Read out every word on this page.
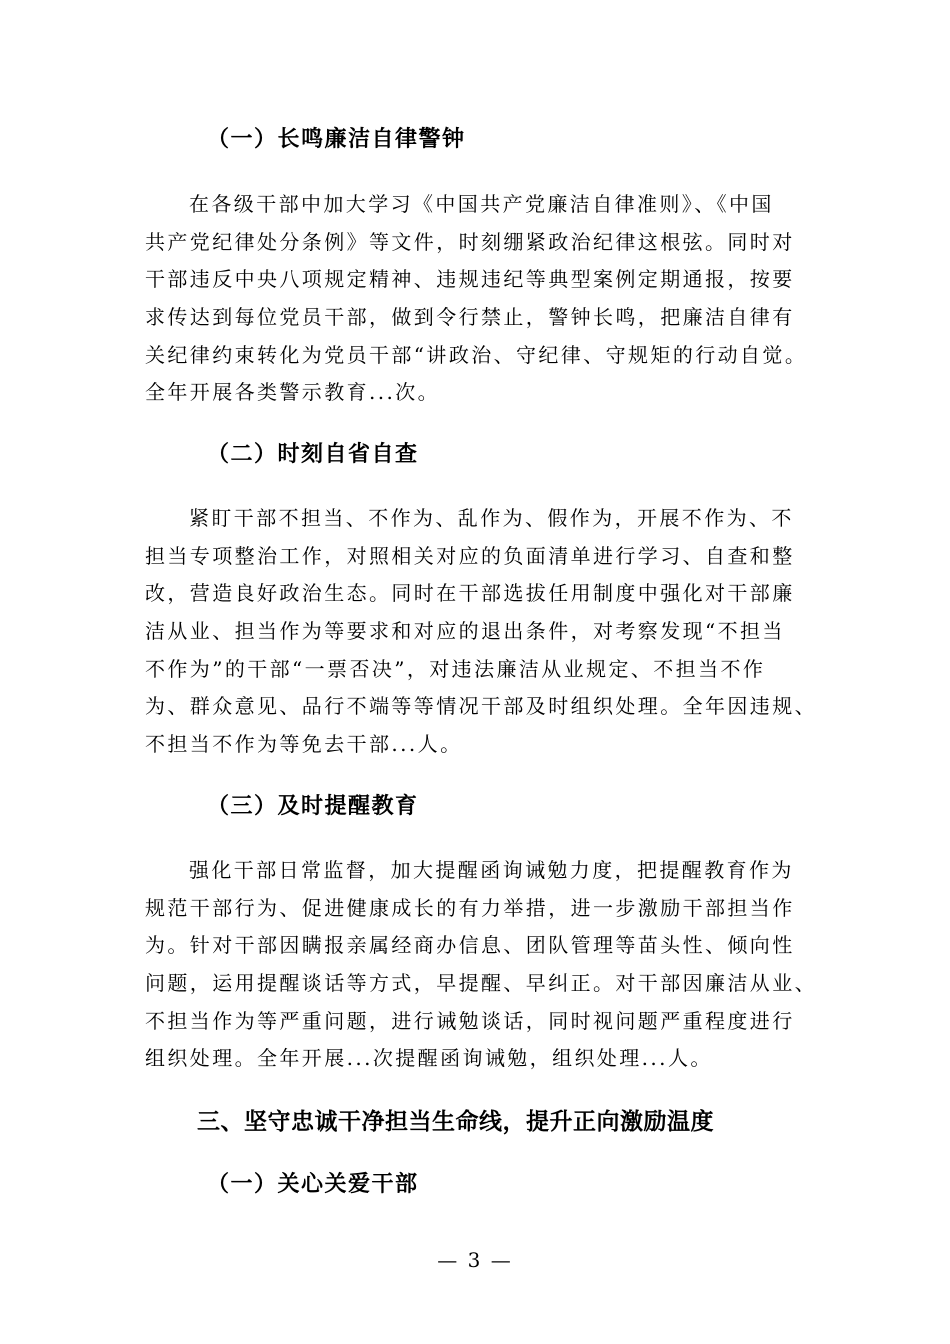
（一）长鸣廉洁自律警钟
在各级干部中加大学习《中国共产党廉洁自律准则》、《中国
共产党纪律处分条例》等文件，时刻绷紧政治纪律这根弦。同时对
干部违反中央八项规定精神、违规违纪等典型案例定期通报，按要
求传达到每位党员干部，做到令行禁止，警钟长鸣，把廉洁自律有
关纪律约束转化为党员干部“讲政治、守纪律、守规矩的行动自觉。
全年开展各类警示教育...次。
（二）时刻自省自查
紧盯干部不担当、不作为、乱作为、假作为，开展不作为、不
担当专项整治工作，对照相关对应的负面清单进行学习、自查和整
改，营造良好政治生态。同时在干部选拔任用制度中强化对干部廉
洁从业、担当作为等要求和对应的退出条件，对考察发现“不担当
不作为”的干部“一票否决”，对违法廉洁从业规定、不担当不作
为、群众意见、品行不端等等情况干部及时组织处理。全年因违规、
不担当不作为等免去干部...人。
（三）及时提醒教育
强化干部日常监督，加大提醒函询诫勉力度，把提醒教育作为
规范干部行为、促进健康成长的有力举措，进一步激励干部担当作
为。针对干部因瞒报亲属经商办信息、团队管理等苗头性、倾向性
问题，运用提醒谈话等方式，早提醒、早纠正。对干部因廉洁从业、
不担当作为等严重问题，进行诫勉谈话，同时视问题严重程度进行
组织处理。全年开展...次提醒函询诫勉，组织处理...人。
三、坚守忠诚干净担当生命线，提升正向激励温度
（一）关心关爱干部
— 3 —
